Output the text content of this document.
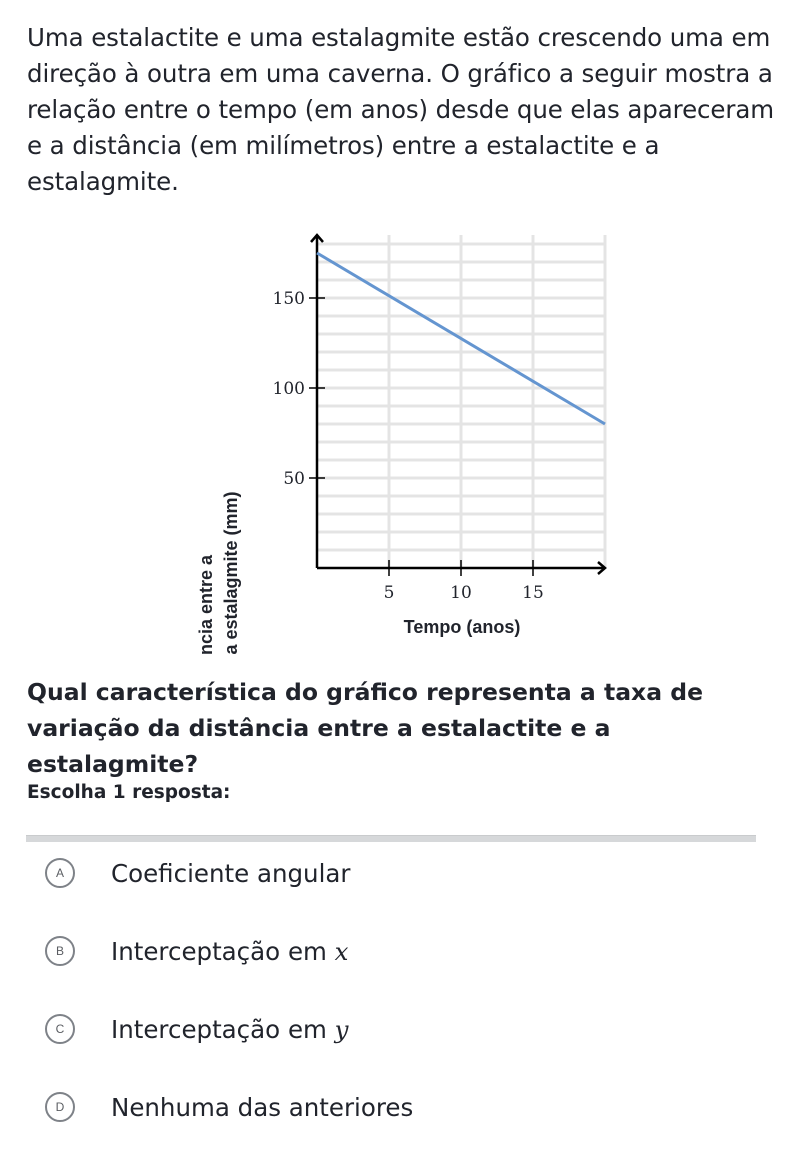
Uma estalactite e uma estalagmite estão crescendo uma em direção à outra em uma caverna. O gráfico a seguir mostra a relação entre o tempo (em anos) desde que elas apareceram e a distância (em milímetros) entre a estalactite e a estalagmite.
50
100
150
5	10	15
Distância entre a estalactite e a estalagmite (mm)	Tempo (anos)
Qual característica do gráfico representa a taxa de variação da distância entre a estalactite e a estalagmite?
Escolha 1 resposta:
A	Coeficiente angular
B	Interceptação em x
C	Interceptação em y
D	Nenhuma das anteriores
